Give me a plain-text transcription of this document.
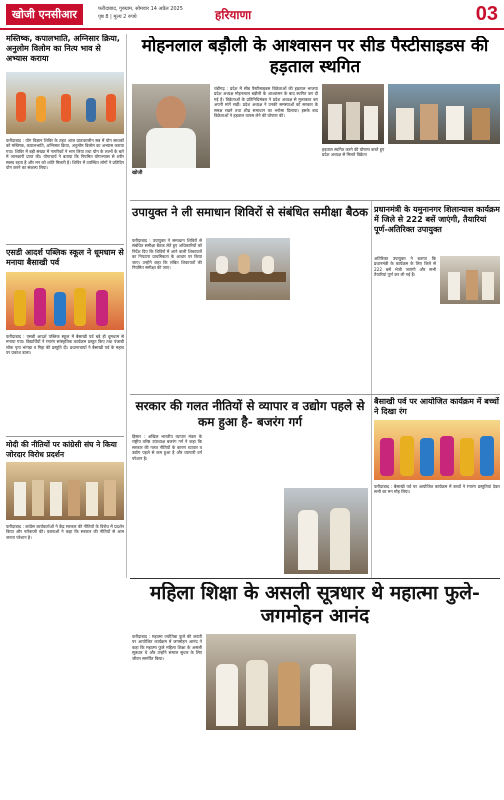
खोजी एनसीआर	फरीदाबाद, गुरुग्राम, सोमवार 14 अप्रैल 2025
पृष्ठ 8 | मूल्य 2 रुपये	हरियाणा	03
मस्तिष्क, कपालभाति, अग्निसार क्रिया, अनुलोम विलोम का नित्य भाव से अभ्यास कराया
फरीदाबाद : योग विज्ञान शिविर के तहत आज प्रातःकालीन सत्र में योग साधकों को मस्तिष्क, कपालभाति, अग्निसार क्रिया, अनुलोम विलोम का अभ्यास कराया गया। शिविर में बड़ी संख्या में नागरिकों ने भाग लिया तथा योग के लाभों के बारे में जानकारी प्राप्त की। योगाचार्य ने बताया कि नियमित योगाभ्यास से शरीर स्वस्थ रहता है और मन को शांति मिलती है। शिविर में उपस्थित लोगों ने प्रतिदिन योग करने का संकल्प लिया।
मोहनलाल बड़ौली के आश्वासन पर सीड पैस्टीसाइडस की हड़ताल स्थगित
चंडीगढ़ : प्रदेश में सीड पैस्टीसाइडस विक्रेताओं की हड़ताल भाजपा प्रदेश अध्यक्ष मोहनलाल बड़ौली के आश्वासन के बाद स्थगित कर दी गई है। विक्रेताओं के प्रतिनिधिमंडल ने प्रदेश अध्यक्ष से मुलाकात कर अपनी मांगें रखीं। प्रदेश अध्यक्ष ने उनकी समस्याओं को सरकार के समक्ष रखने तथा शीघ्र समाधान का भरोसा दिलाया। इसके बाद विक्रेताओं ने हड़ताल वापस लेने की घोषणा की।
हड़ताल स्थगित करने की घोषणा करते हुए
प्रदेश अध्यक्ष से मिलते विक्रेता
खोजी
उपायुक्त ने ली समाधान शिविरों से संबंधित समीक्षा बैठक
फरीदाबाद : उपायुक्त ने समाधान शिविरों से संबंधित समीक्षा बैठक लेते हुए अधिकारियों को निर्देश दिए कि शिविरों में आने वाली शिकायतों का निपटारा प्राथमिकता के आधार पर किया जाए। उन्होंने कहा कि लंबित शिकायतों की नियमित समीक्षा की जाए।
प्रधानमंत्री के यमुनानगर शिलान्यास कार्यक्रम में जिले से 222 बसें जाएंगी, तैयारियां पूर्ण-अतिरिक्त उपायुक्त
अतिरिक्त उपायुक्त ने बताया कि प्रधानमंत्री के कार्यक्रम के लिए जिले से 222 बसें भेजी जाएंगी और सभी तैयारियां पूर्ण कर ली गई हैं।
एसडी आदर्श पब्लिक स्कूल ने धूमधाम से मनाया बैसाखी पर्व
फरीदाबाद : एसडी आदर्श पब्लिक स्कूल में बैसाखी पर्व बड़े ही धूमधाम से मनाया गया। विद्यार्थियों ने रंगारंग सांस्कृतिक कार्यक्रम प्रस्तुत किए तथा पंजाबी लोक नृत्य भांगड़ा व गिद्दा की प्रस्तुति दी। प्रधानाचार्या ने बैसाखी पर्व के महत्व पर प्रकाश डाला।
सरकार की गलत नीतियों से व्यापार व उद्योग पहले से कम हुआ है- बजरंग गर्ग
हिसार : अखिल भारतीय व्यापार मंडल के राष्ट्रीय वरिष्ठ उपाध्यक्ष बजरंग गर्ग ने कहा कि सरकार की गलत नीतियों के कारण व्यापार व उद्योग पहले से कम हुआ है और व्यापारी वर्ग परेशान है।
बैसाखी पर्व पर आयोजित कार्यक्रम में बच्चों ने दिखा रंग
फरीदाबाद : बैसाखी पर्व पर आयोजित कार्यक्रम में बच्चों ने रंगारंग प्रस्तुतियां देकर सभी का मन मोह लिया।
मोदी की नीतियों पर कांग्रेसी संघ ने किया जोरदार विरोध प्रदर्शन
फरीदाबाद : कांग्रेस कार्यकर्ताओं ने केंद्र सरकार की नीतियों के विरोध में प्रदर्शन किया और नारेबाजी की। वक्ताओं ने कहा कि सरकार की नीतियों से आम जनता परेशान है।
महिला शिक्षा के असली सूत्रधार थे महात्मा फुले-जगमोहन आनंद
फरीदाबाद : महात्मा ज्योतिबा फुले की जयंती पर आयोजित कार्यक्रम में जगमोहन आनंद ने कहा कि महात्मा फुले महिला शिक्षा के असली सूत्रधार थे और उन्होंने समाज सुधार के लिए जीवन समर्पित किया।
